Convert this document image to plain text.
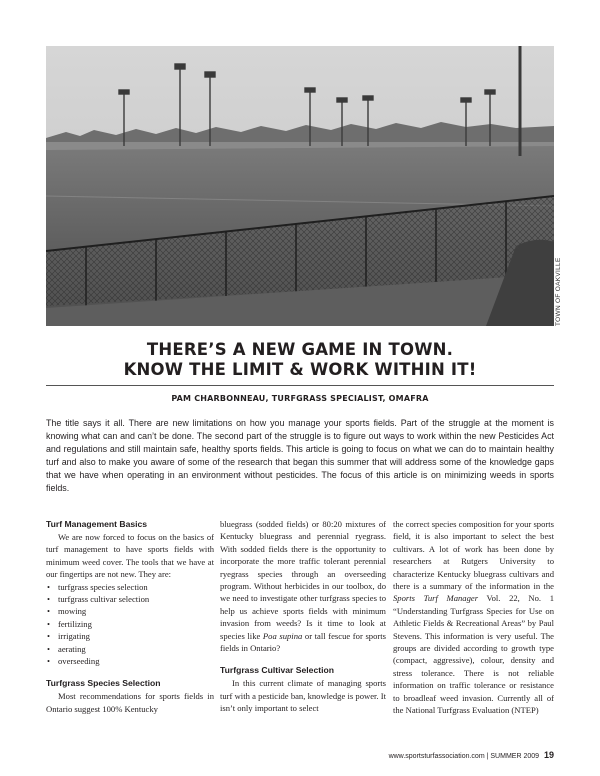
TOWN OF OAKVILLE
THERE’S A NEW GAME IN TOWN.
KNOW THE LIMIT & WORK WITHIN IT!
PAM CHARBONNEAU, TURFGRASS SPECIALIST, OMAFRA

The title says it all. There are new limitations on how you manage your sports fields. Part of the struggle at the moment is knowing what can and can’t be done. The second part of the struggle is to figure out ways to work within the new Pesticides Act and regulations and still maintain safe, healthy sports fields. This article is going to focus on what we can do to maintain healthy turf and also to make you aware of some of the research that began this summer that will address some of the knowledge gaps that we have when operating in an environment without pesticides. The focus of this article is on minimizing weeds in sports fields.

Turf Management Basics

We are now forced to focus on the basics of turf management to have sports fields with minimum weed cover. The tools that we have at our fingertips are not new. They are:

• turfgrass species selection
• turfgrass cultivar selection
• mowing
• fertilizing
• irrigating
• aerating
• overseeding
Turfgrass Species Selection

Most recommendations for sports fields in Ontario suggest 100% Kentucky

bluegrass (sodded fields) or 80:20 mixtures of Kentucky bluegrass and perennial ryegrass. With sodded fields there is the opportunity to incorporate the more traffic tolerant perennial ryegrass species through an overseeding program. Without herbicides in our toolbox, do we need to investigate other turfgrass species to help us achieve sports fields with minimum invasion from weeds? Is it time to look at species like Poa supina or tall fescue for sports fields in Ontario?

Turfgrass Cultivar Selection

In this current climate of managing sports turf with a pesticide ban, knowledge is power. It isn’t only important to select

the correct species composition for your sports field, it is also important to select the best cultivars. A lot of work has been done by researchers at Rutgers University to characterize Kentucky bluegrass cultivars and there is a summary of the information in the Sports Turf Manager Vol. 22, No. 1 “Understanding Turfgrass Species for Use on Athletic Fields & Recreational Areas” by Paul Stevens. This information is very useful. The groups are divided according to growth type (compact, aggressive), colour, density and stress tolerance. There is not reliable information on traffic tolerance or resistance to broadleaf weed invasion. Currently all of the National Turfgrass Evaluation (NTEP)

www.sportsturfassociation.com | SUMMER 2009 19
